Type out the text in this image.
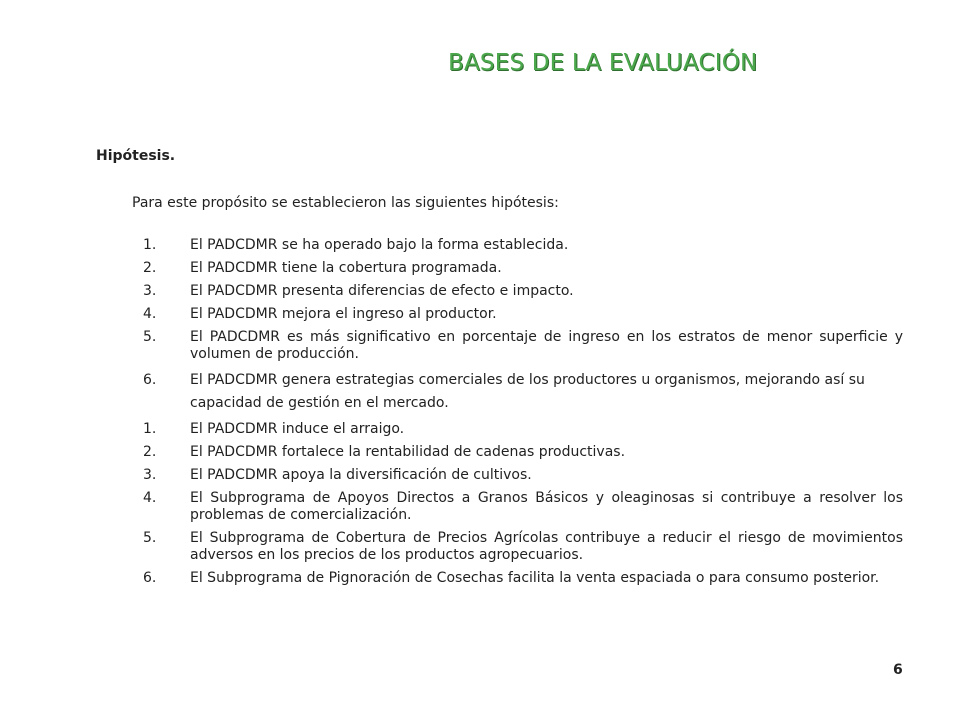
BASES DE LA EVALUACIÓN
Hipótesis.
Para este propósito se establecieron las siguientes hipótesis:
1.	El PADCDMR se ha operado bajo la forma establecida.
2.	El PADCDMR tiene la cobertura programada.
3.	El PADCDMR presenta diferencias de efecto e impacto.
4.	El PADCDMR mejora el ingreso al productor.
5.	El PADCDMR es más significativo en porcentaje de ingreso en los estratos de menor superficie y volumen de producción.
6.	El PADCDMR genera estrategias comerciales de los productores u organismos, mejorando así su capacidad de gestión en el mercado.
1.	El PADCDMR induce el arraigo.
2.	El PADCDMR fortalece la rentabilidad de cadenas productivas.
3.	El PADCDMR apoya la diversificación de cultivos.
4.	El Subprograma de Apoyos Directos a Granos Básicos y oleaginosas si contribuye a resolver los problemas de comercialización.
5.	El Subprograma de Cobertura de Precios Agrícolas contribuye a reducir el riesgo de movimientos adversos en los precios de los productos agropecuarios.
6.	El Subprograma de Pignoración de Cosechas facilita la venta espaciada o para consumo posterior.
6
